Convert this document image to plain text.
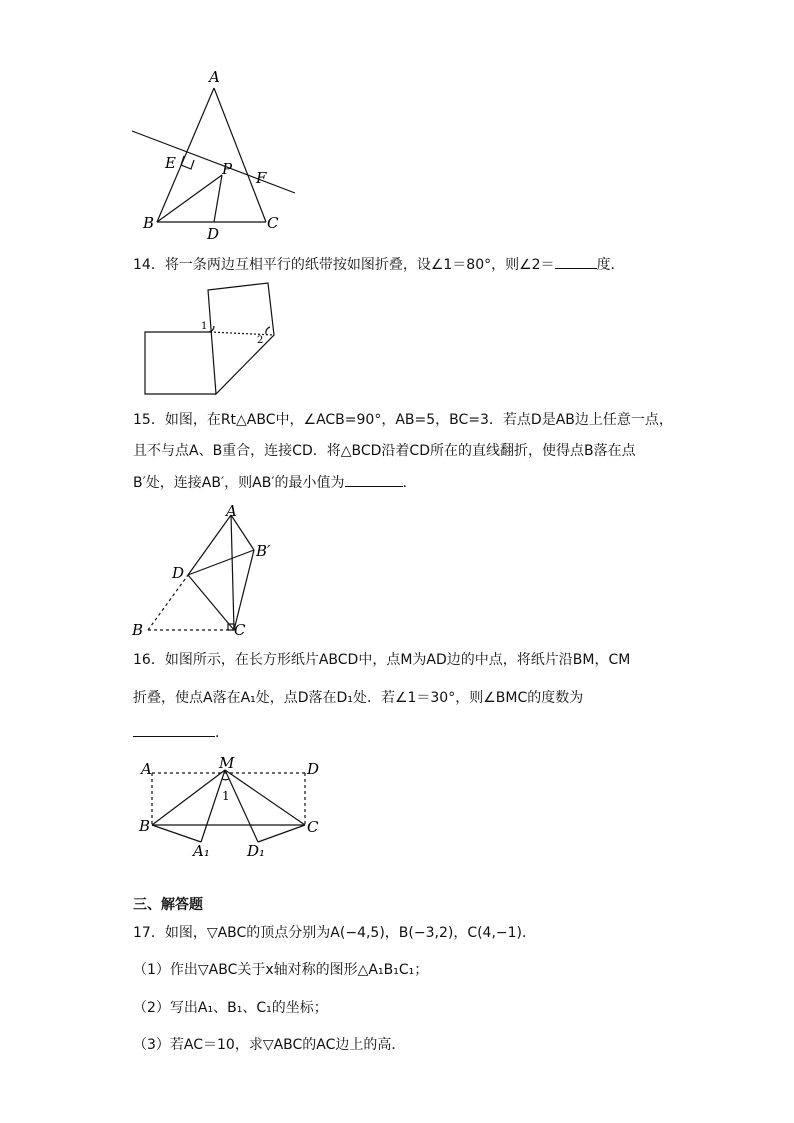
A
E	P F
B	C
D
14．将一条两边互相平行的纸带按如图折叠，设∠1＝80°，则∠2＝	度．
1
2
15．如图，在Rt△ABC中，∠ACB=90°，AB=5，BC=3．若点D是AB边上任意一点，
且不与点A、B重合，连接CD．将△BCD沿着CD所在的直线翻折，使得点B落在点
B′处，连接AB′，则AB′的最小值为	．
A
B′
D
B	C
16．如图所示，在长方形纸片ABCD中，点M为AD边的中点，将纸片沿BM，CM
折叠，使点A落在A₁处，点D落在D₁处．若∠1＝30°，则∠BMC的度数为
．
A	M	D
B	C
A₁ D₁
1
三、解答题
17．如图，▽ABC的顶点分别为A(−4,5)，B(−3,2)，C(4,−1)．
（1）作出▽ABC关于x轴对称的图形△A₁B₁C₁；
（2）写出A₁、B₁、C₁的坐标；
（3）若AC＝10，求▽ABC的AC边上的高．
